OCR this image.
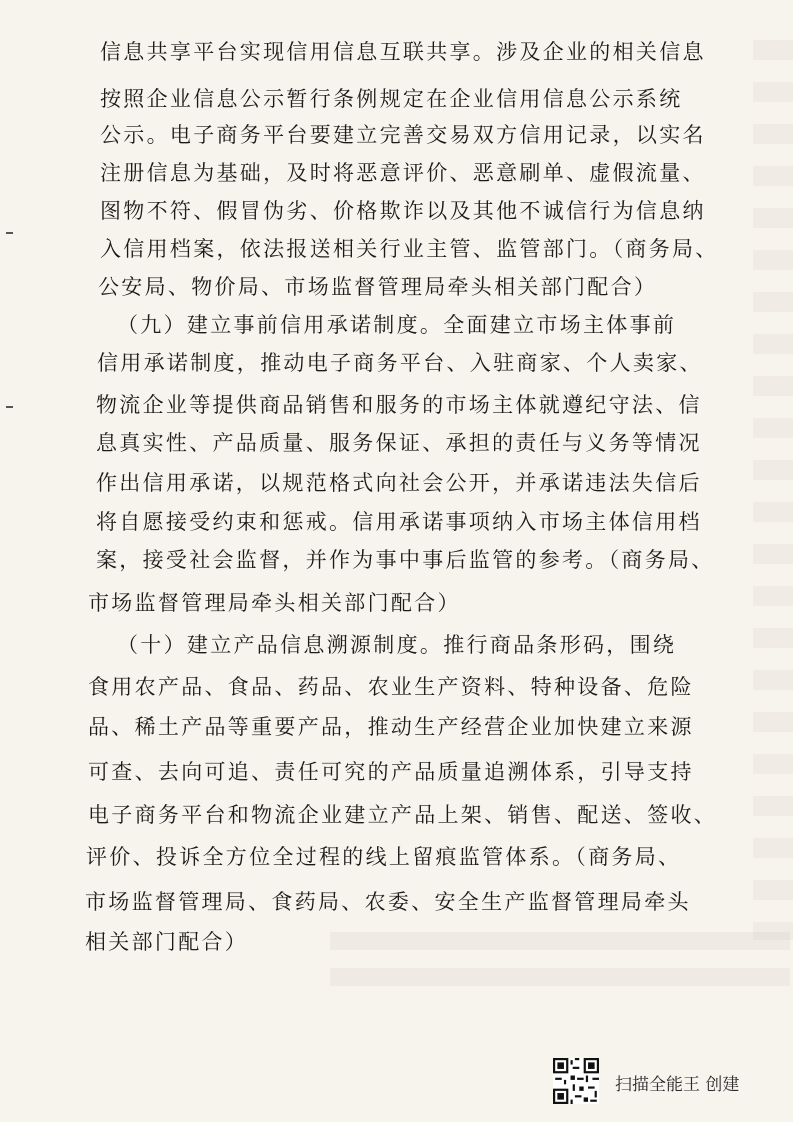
信息共享平台实现信用信息互联共享。涉及企业的相关信息
按照企业信息公示暂行条例规定在企业信用信息公示系统
公示。电子商务平台要建立完善交易双方信用记录，以实名
注册信息为基础，及时将恶意评价、恶意刷单、虚假流量、
图物不符、假冒伪劣、价格欺诈以及其他不诚信行为信息纳
入信用档案，依法报送相关行业主管、监管部门。（商务局、
公安局、物价局、市场监督管理局牵头相关部门配合）
（九）建立事前信用承诺制度。全面建立市场主体事前
信用承诺制度，推动电子商务平台、入驻商家、个人卖家、
物流企业等提供商品销售和服务的市场主体就遵纪守法、信
息真实性、产品质量、服务保证、承担的责任与义务等情况
作出信用承诺，以规范格式向社会公开，并承诺违法失信后
将自愿接受约束和惩戒。信用承诺事项纳入市场主体信用档
案，接受社会监督，并作为事中事后监管的参考。（商务局、
市场监督管理局牵头相关部门配合）
（十）建立产品信息溯源制度。推行商品条形码，围绕
食用农产品、食品、药品、农业生产资料、特种设备、危险
品、稀土产品等重要产品，推动生产经营企业加快建立来源
可查、去向可追、责任可究的产品质量追溯体系，引导支持
电子商务平台和物流企业建立产品上架、销售、配送、签收、
评价、投诉全方位全过程的线上留痕监管体系。（商务局、
市场监督管理局、食药局、农委、安全生产监督管理局牵头
相关部门配合）
扫描全能王 创建
